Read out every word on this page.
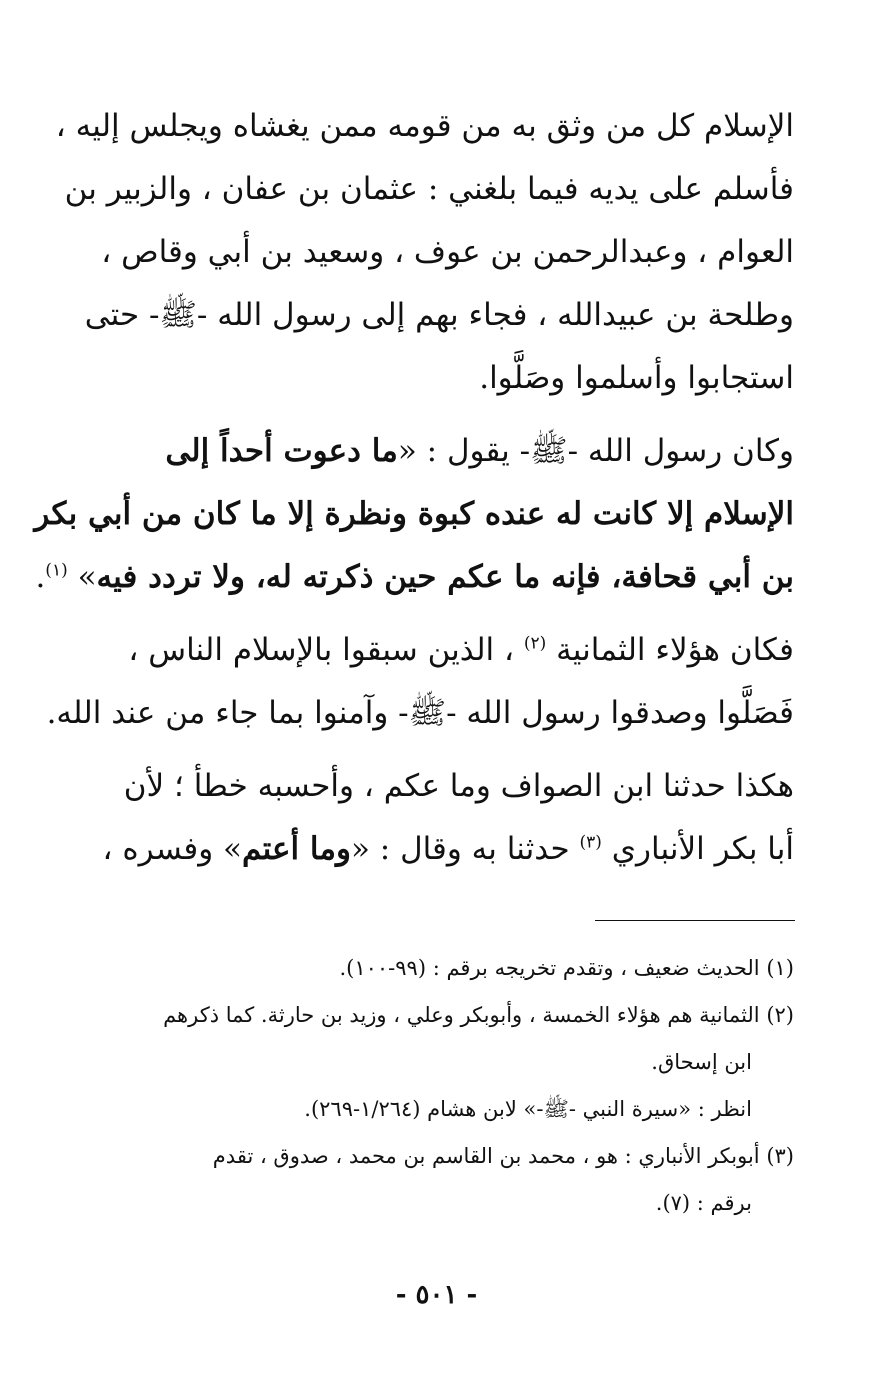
الإسلام كل من وثق به من قومه ممن يغشاه ويجلس إليه ،
فأسلم على يديه فيما بلغني : عثمان بن عفان ، والزبير بن
العوام ، وعبدالرحمن بن عوف ، وسعيد بن أبي وقاص ،
وطلحة بن عبيدالله ، فجاء بهم إلى رسول الله -ﷺ- حتى
استجابوا وأسلموا وصَلَّوا.
وكان رسول الله -ﷺ- يقول : «ما دعوت أحداً إلى
الإسلام إلا كانت له عنده كبوة ونظرة إلا ما كان من أبي بكر
بن أبي قحافة، فإنه ما عكم حين ذكرته له، ولا تردد فيه» $^{(١)}$.
فكان هؤلاء الثمانية $^{(٢)}$ ، الذين سبقوا بالإسلام الناس ،
فَصَلَّوا وصدقوا رسول الله -ﷺ- وآمنوا بما جاء من عند الله.
هكذا حدثنا ابن الصواف وما عكم ، وأحسبه خطأ ؛ لأن
أبا بكر الأنباري $^{(٣)}$ حدثنا به وقال : «وما أعتم» وفسره ،
(١) الحديث ضعيف ، وتقدم تخريجه برقم : (٩٩-١٠٠).
(٢) الثمانية هم هؤلاء الخمسة ، وأبوبكر وعلي ، وزيد بن حارثة. كما ذكرهم
ابن إسحاق.
انظر : «سيرة النبي -ﷺ-» لابن هشام (١/٢٦٤-٢٦٩).
(٣) أبوبكر الأنباري : هو ، محمد بن القاسم بن محمد ، صدوق ، تقدم
برقم : (٧).
- ٥٠١ -
